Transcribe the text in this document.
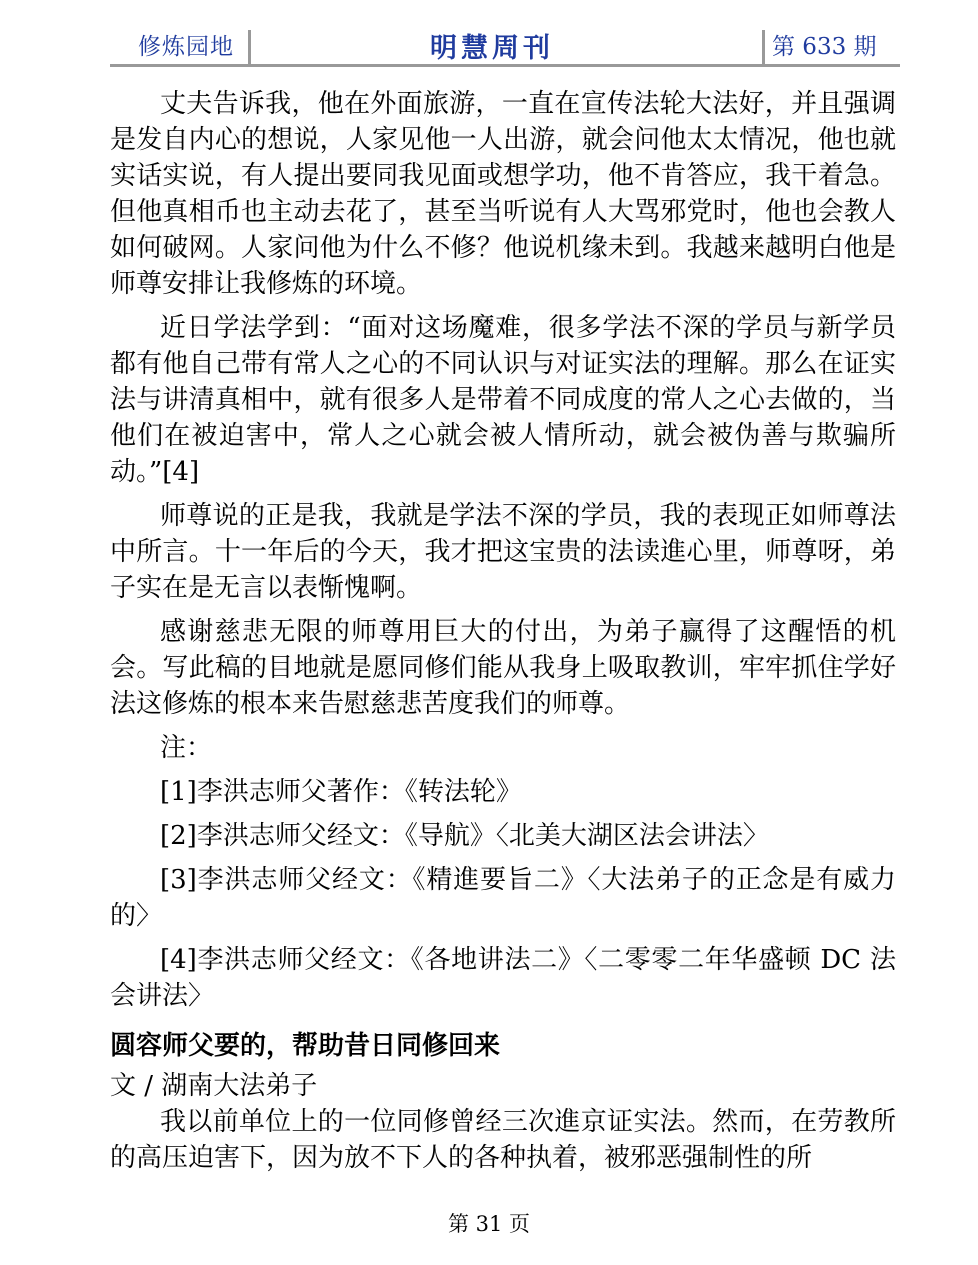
修炼园地	明慧周刊	第 633 期

丈夫告诉我，他在外面旅游，一直在宣传法轮大法好，并且强调是发自内心的想说，人家见他一人出游，就会问他太太情况，他也就实话实说，有人提出要同我见面或想学功，他不肯答应，我干着急。但他真相币也主动去花了，甚至当听说有人大骂邪党时，他也会教人如何破网。人家问他为什么不修？他说机缘未到。我越来越明白他是师尊安排让我修炼的环境。

近日学法学到：“面对这场魔难，很多学法不深的学员与新学员都有他自己带有常人之心的不同认识与对证实法的理解。那么在证实法与讲清真相中，就有很多人是带着不同成度的常人之心去做的，当他们在被迫害中，常人之心就会被人情所动，就会被伪善与欺骗所动。”[4]

师尊说的正是我，我就是学法不深的学员，我的表现正如师尊法中所言。十一年后的今天，我才把这宝贵的法读進心里，师尊呀，弟子实在是无言以表惭愧啊。

感谢慈悲无限的师尊用巨大的付出，为弟子赢得了这醒悟的机会。写此稿的目地就是愿同修们能从我身上吸取教训，牢牢抓住学好法这修炼的根本来告慰慈悲苦度我们的师尊。

注：

[1]李洪志师父著作：《转法轮》

[2]李洪志师父经文：《导航》〈北美大湖区法会讲法〉

[3]李洪志师父经文：《精進要旨二》〈大法弟子的正念是有威力的〉

[4]李洪志师父经文：《各地讲法二》〈二零零二年华盛顿 DC 法会讲法〉

圆容师父要的，帮助昔日同修回来

文 / 湖南大法弟子

我以前单位上的一位同修曾经三次進京证实法。然而，在劳教所的高压迫害下，因为放不下人的各种执着，被邪恶强制性的所

第 31 页
